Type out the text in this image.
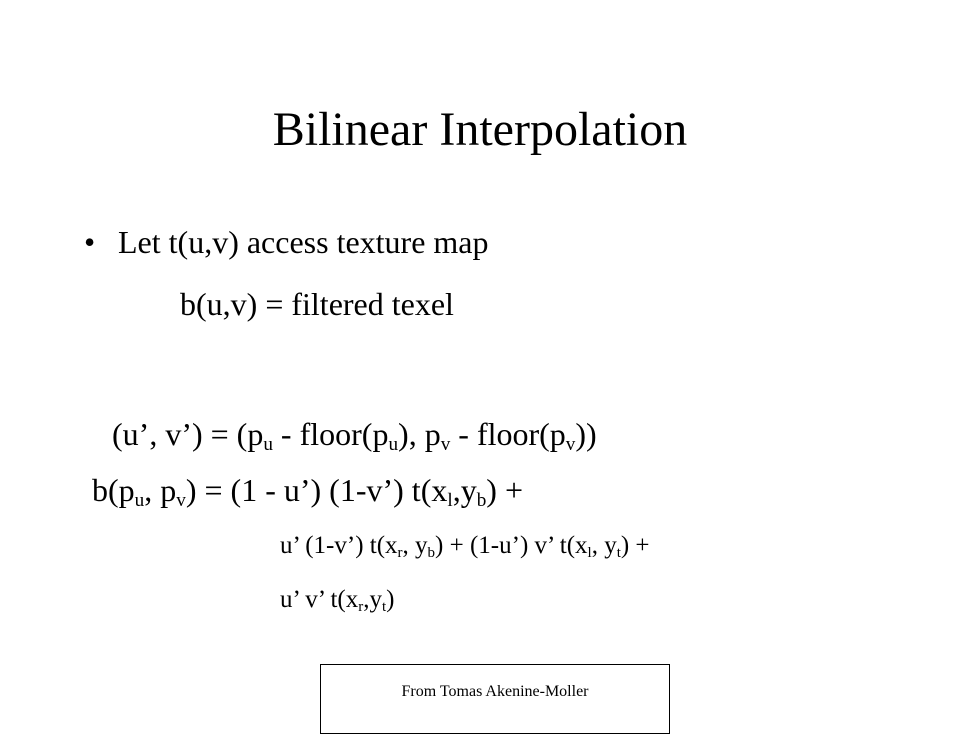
Bilinear Interpolation
• Let t(u,v) access texture map
b(u,v) = filtered texel
(u’, v’) = ($p_u$ - $floor(p_u)$, $p_v$ - $floor(p_v)$)
$b(p_u$, $p_v) = (1$ - u’) (1-v’) $t(x_l,y_b)$ +
u’ (1-v’) $t(x_r$, $y_b$) + (1-u’) v’ $t(x_l$, $y_t$) +
u’ v’ $t(x_r,y_t)$
From Tomas Akenine-Moller
